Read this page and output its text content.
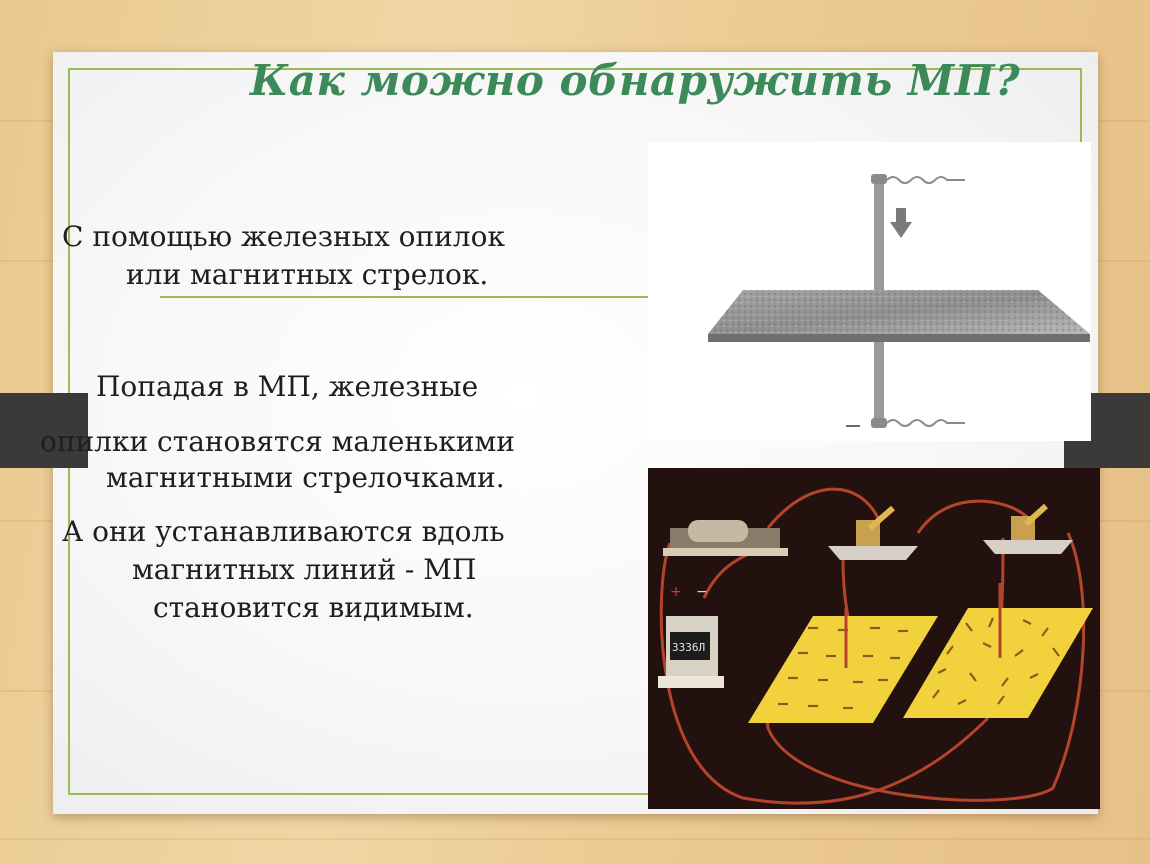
Как можно обнаружить МП?

С помощью железных опилок

или магнитных стрелок.

Попадая в МП, железные

опилки становятся маленькими

магнитными стрелочками.

А они устанавливаются вдоль

магнитных линий - МП

становится видимым.	+ −
3336Л
